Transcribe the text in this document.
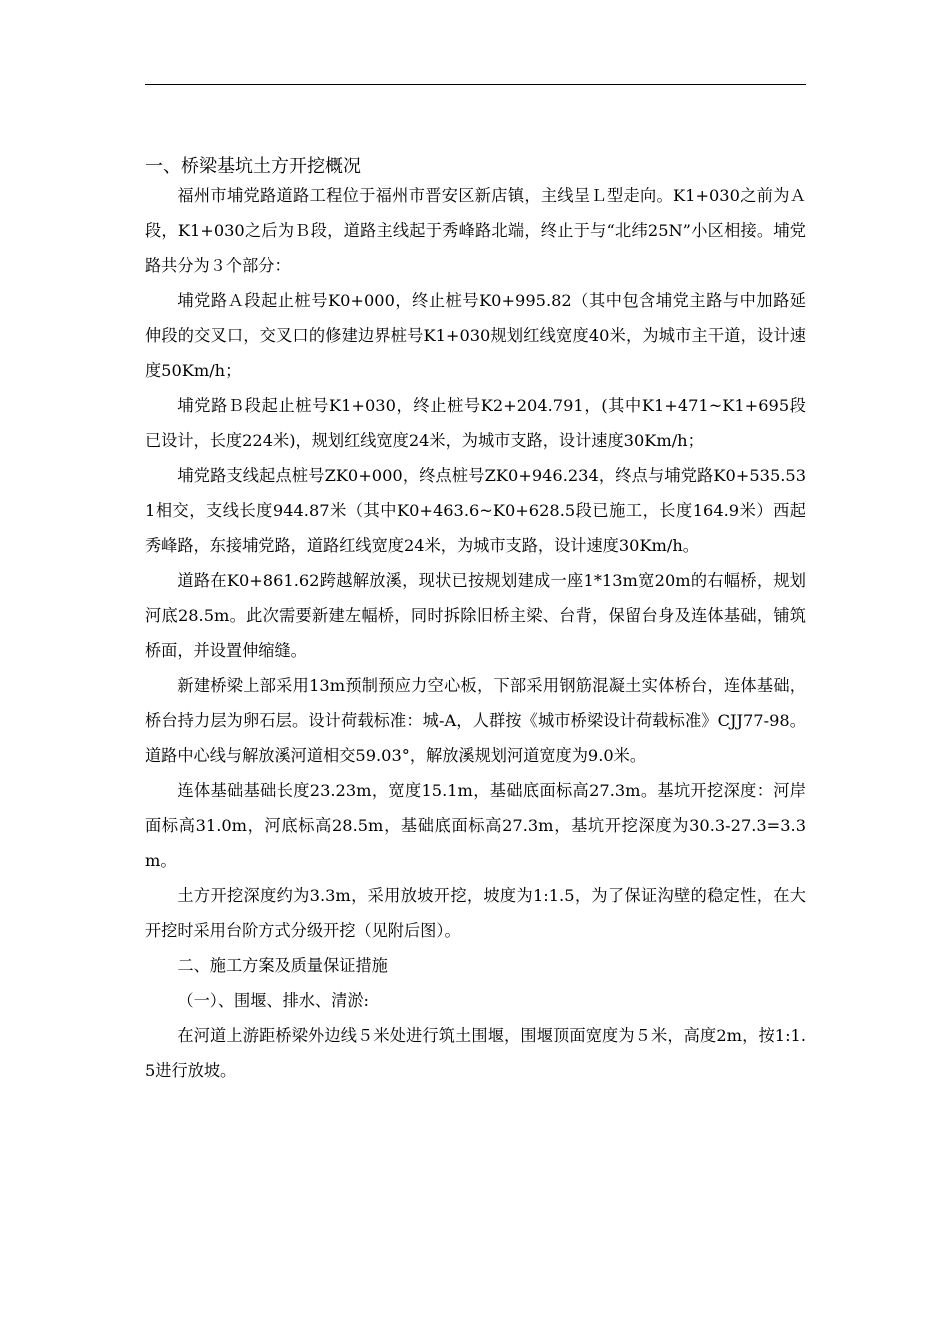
一、桥梁基坑土方开挖概况

福州市埔党路道路工程位于福州市晋安区新店镇，主线呈Ｌ型走向。K1+030之前为Ａ段，K1+030之后为Ｂ段，道路主线起于秀峰路北端，终止于与“北纬25N”小区相接。埔党路共分为３个部分：

埔党路Ａ段起止桩号K0+000，终止桩号K0+995.82（其中包含埔党主路与中加路延伸段的交叉口，交叉口的修建边界桩号K1+030规划红线宽度40米，为城市主干道，设计速度50Km/h；

埔党路Ｂ段起止桩号K1+030，终止桩号K2+204.791，(其中K1+471~K1+695段已设计，长度224米)，规划红线宽度24米，为城市支路，设计速度30Km/h；

埔党路支线起点桩号ZK0+000，终点桩号ZK0+946.234，终点与埔党路K0+535.531相交，支线长度944.87米（其中K0+463.6~K0+628.5段已施工，长度164.9米）西起秀峰路，东接埔党路，道路红线宽度24米，为城市支路，设计速度30Km/h。

道路在K0+861.62跨越解放溪，现状已按规划建成一座1*13m宽20m的右幅桥，规划河底28.5m。此次需要新建左幅桥，同时拆除旧桥主梁、台背，保留台身及连体基础，铺筑桥面，并设置伸缩缝。

新建桥梁上部采用13m预制预应力空心板，下部采用钢筋混凝土实体桥台，连体基础，桥台持力层为卵石层。设计荷载标准：城-A，人群按《城市桥梁设计荷载标准》CJJ77-98。道路中心线与解放溪河道相交59.03°，解放溪规划河道宽度为9.0米。

连体基础基础长度23.23m，宽度15.1m，基础底面标高27.3m。基坑开挖深度：河岸面标高31.0m，河底标高28.5m，基础底面标高27.3m，基坑开挖深度为30.3-27.3=3.3m。

土方开挖深度约为3.3m，采用放坡开挖，坡度为1:1.5，为了保证沟壁的稳定性，在大开挖时采用台阶方式分级开挖（见附后图）。

二、施工方案及质量保证措施

（一）、围堰、排水、清淤:

在河道上游距桥梁外边线５米处进行筑土围堰，围堰顶面宽度为５米，高度2m，按1:1.5进行放坡。
